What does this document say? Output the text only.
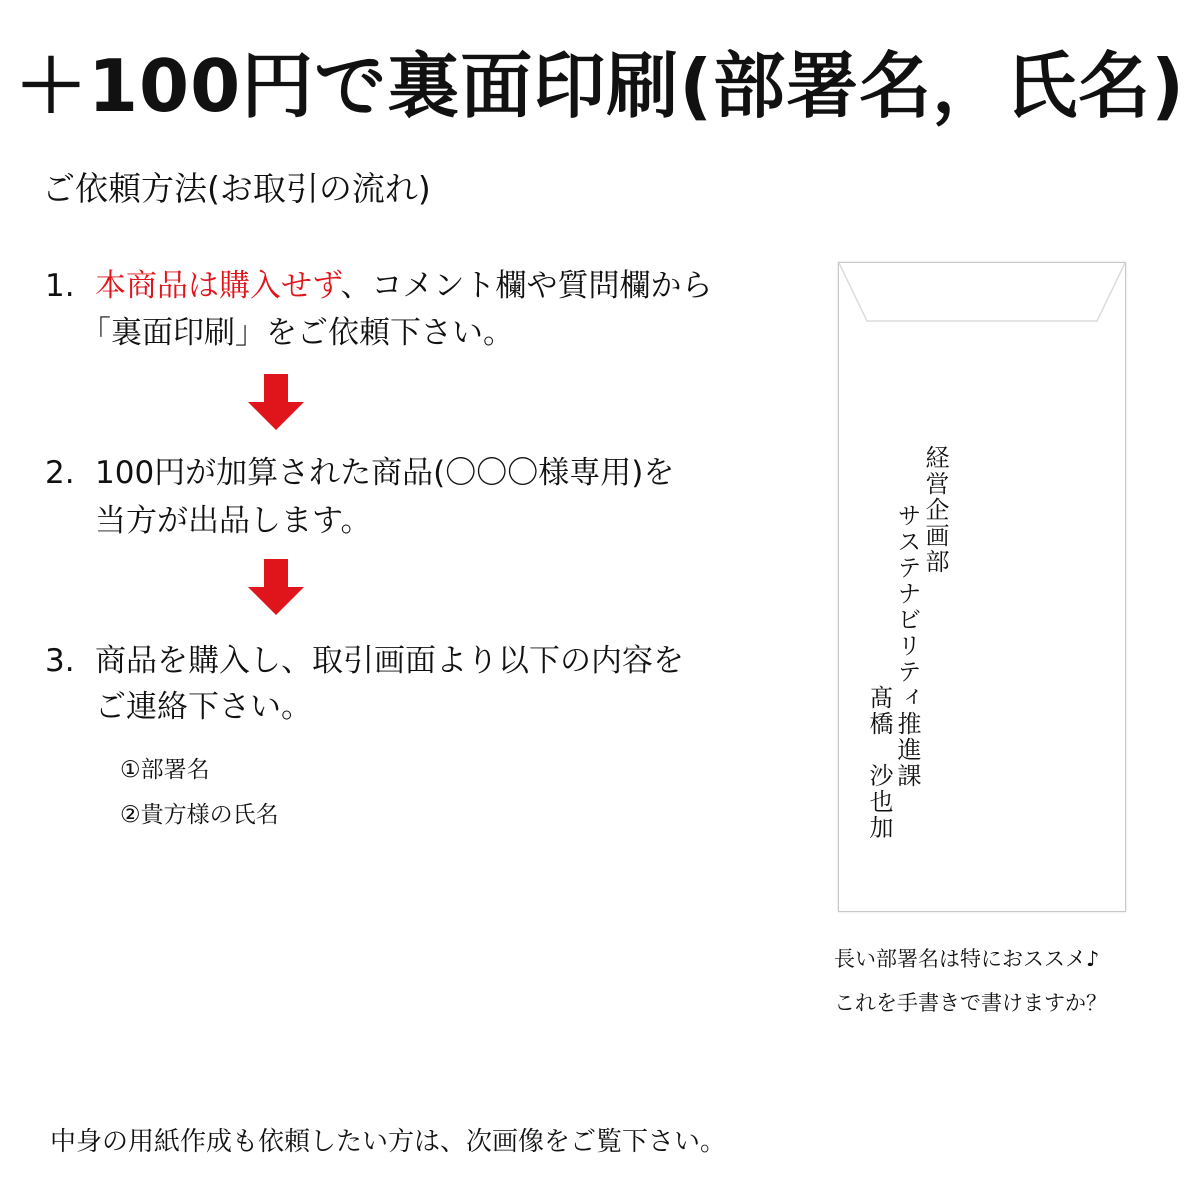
＋100円で裏面印刷(部署名，氏名)
ご依頼方法(お取引の流れ)
1. 本商品は購入せず、コメント欄や質問欄から
「裏面印刷」をご依頼下さい。
2. 100円が加算された商品(〇〇〇様専用)を
当方が出品します。
3. 商品を購入し、取引画面より以下の内容を
ご連絡下さい。
①部署名
②貴方様の氏名
経営企画部
サステナビリティ推進課
髙橋
沙也加
長い部署名は特におススメ♪
これを手書きで書けますか？
中身の用紙作成も依頼したい方は、次画像をご覧下さい。
